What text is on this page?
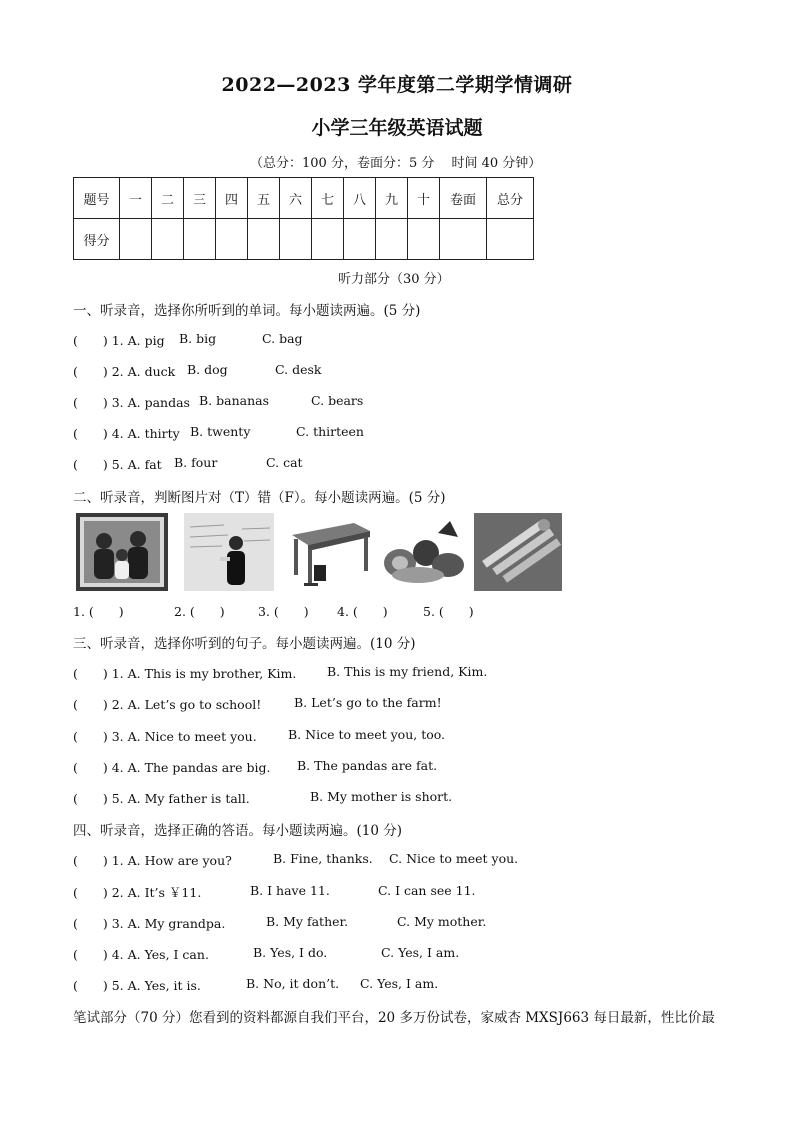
2022—2023 学年度第二学期学情调研
小学三年级英语试题
（总分：100 分，卷面分：5 分　 时间 40 分钟）
题号	一	二	三	四	五	六	七	八	九	十	卷面	总分
得分												
听力部分（30 分）
一、听录音，选择你所听到的单词。每小题读两遍。(5 分)
(　　) 1. A. pig B. big	C. bag
(　　) 2. A. duck B. dog	C. desk
(　　) 3. A. pandas B. bananas	C. bears
(　　) 4. A. thirty B. twenty	C. thirteen
(　　) 5. A. fat B. four	C. cat
二、听录音，判断图片对（T）错（F）。每小题读两遍。(5 分)
1. (　　)	2. (　　)	3. (　　) 4. (　　)	5. (　　)
三、听录音，选择你听到的句子。每小题读两遍。(10 分)
(　　) 1. A. This is my brother, Kim. B. This is my friend, Kim.
(　　) 2. A. Let’s go to school!	B. Let’s go to the farm!
(　　) 3. A. Nice to meet you.	B. Nice to meet you, too.
(　　) 4. A. The pandas are big. B. The pandas are fat.
(　　) 5. A. My father is tall.	B. My mother is short.
四、听录音，选择正确的答语。每小题读两遍。(10 分)
(　　) 1. A. How are you?	B. Fine, thanks. C. Nice to meet you.
(　　) 2. A. It’s ￥11.	B. I have 11.	C. I can see 11.
(　　) 3. A. My grandpa.	B. My father.	C. My mother.
(　　) 4. A. Yes, I can.	B. Yes, I do.	C. Yes, I am.
(　　) 5. A. Yes, it is.	B. No, it don’t. C. Yes, I am.
笔试部分（70 分）您看到的资料都源自我们平台，20 多万份试卷，家威杏 MXSJ663 每日最新，性比价最
